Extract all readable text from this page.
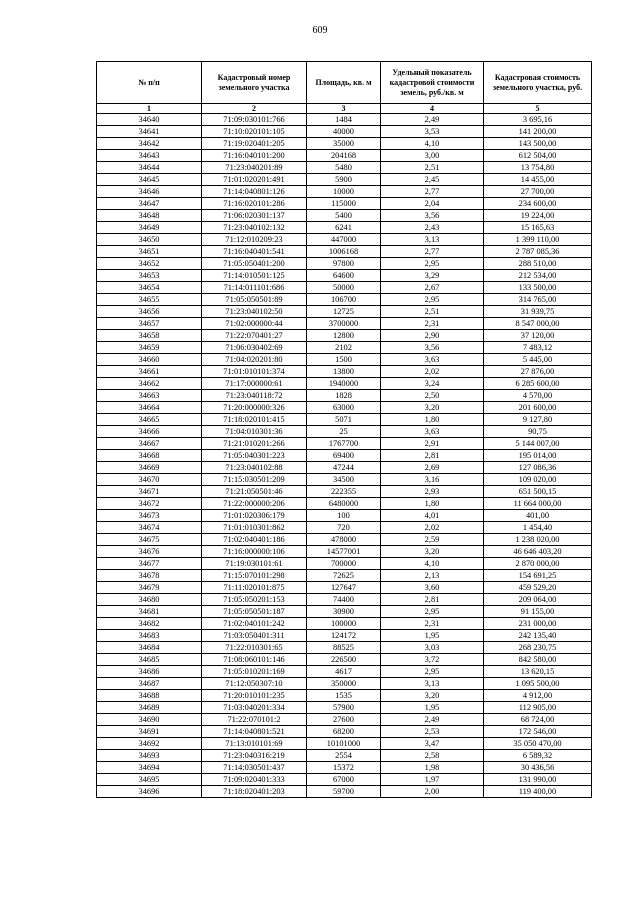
609
№ п/п	Кадастровый номер земельного участка	Площадь, кв. м	Удельный показатель кадастровой стоимости земель, руб./кв. м	Кадастровая стоимость земельного участка, руб.
1	2	3	4	5
34640	71:09:030101:766	1484	2,49	3 695,16
34641	71:10:020101:105	40000	3,53	141 200,00
34642	71:19:020401:205	35000	4,10	143 500,00
34643	71:16:040101:200	204168	3,00	612 504,00
34644	71:23:040201:89	5480	2,51	13 754,80
34645	71:01:020201:491	5900	2,45	14 455,00
34646	71:14:040801:126	10000	2,77	27 700,00
34647	71:16:020101:286	115000	2,04	234 600,00
34648	71:06:020301:137	5400	3,56	19 224,00
34649	71:23:040102:132	6241	2,43	15 165,63
34650	71:12:010209:23	447000	3,13	1 399 110,00
34651	71:16:040401:541	1006168	2,77	2 787 085,36
34652	71:05:050401:200	97800	2,95	288 510,00
34653	71:14:010501:125	64600	3,29	212 534,00
34654	71:14:011101:686	50000	2,67	133 500,00
34655	71:05:050501:89	106700	2,95	314 765,00
34656	71:23:040102:50	12725	2,51	31 939,75
34657	71:02:000000:44	3700000	2,31	8 547 000,00
34658	71:22:070401:27	12800	2,90	37 120,00
34659	71:06:030402:69	2102	3,56	7 483,12
34660	71:04:020201:80	1500	3,63	5 445,00
34661	71:01:010101:374	13800	2,02	27 876,00
34662	71:17:000000:61	1940000	3,24	6 285 600,00
34663	71:23:040118:72	1828	2,50	4 570,00
34664	71:20:000000:326	63000	3,20	201 600,00
34665	71:18:020101:415	5071	1,80	9 127,80
34666	71:04:010301:36	25	3,63	90,75
34667	71:21:010201:266	1767700	2,91	5 144 007,00
34668	71:05:040301:223	69400	2,81	195 014,00
34669	71:23:040102:88	47244	2,69	127 086,36
34670	71:15:030501:209	34500	3,16	109 020,00
34671	71:21:050501:46	222355	2,93	651 500,15
34672	71:22:000000:206	6480000	1,80	11 664 000,00
34673	71:01:020306:179	100	4,01	401,00
34674	71:01:010301:862	720	2,02	1 454,40
34675	71:02:040401:186	478000	2,59	1 238 020,00
34676	71:16:000000:106	14577001	3,20	46 646 403,20
34677	71:19:030101:61	700000	4,10	2 870 000,00
34678	71:15:070101:298	72625	2,13	154 691,25
34679	71:11:020101:875	127647	3,60	459 529,20
34680	71:05:050201:153	74400	2,81	209 064,00
34681	71:05:050501:187	30900	2,95	91 155,00
34682	71:02:040101:242	100000	2,31	231 000,00
34683	71:03:050401:311	124172	1,95	242 135,40
34684	71:22:010301:65	88525	3,03	268 230,75
34685	71:08:060101:146	226500	3,72	842 580,00
34686	71:05:010201:169	4617	2,95	13 620,15
34687	71:12:050307:10	350000	3,13	1 095 500,00
34688	71:20:010101:235	1535	3,20	4 912,00
34689	71:03:040201:334	57900	1,95	112 905,00
34690	71:22:070101:2	27600	2,49	68 724,00
34691	71:14:040801:521	68200	2,53	172 546,00
34692	71:13:010101:69	10101000	3,47	35 050 470,00
34693	71:23:040316:219	2554	2,58	6 589,32
34694	71:14:030501:437	15372	1,98	30 436,56
34695	71:09:020401:333	67000	1,97	131 990,00
34696	71:18:020401:203	59700	2,00	119 400,00
